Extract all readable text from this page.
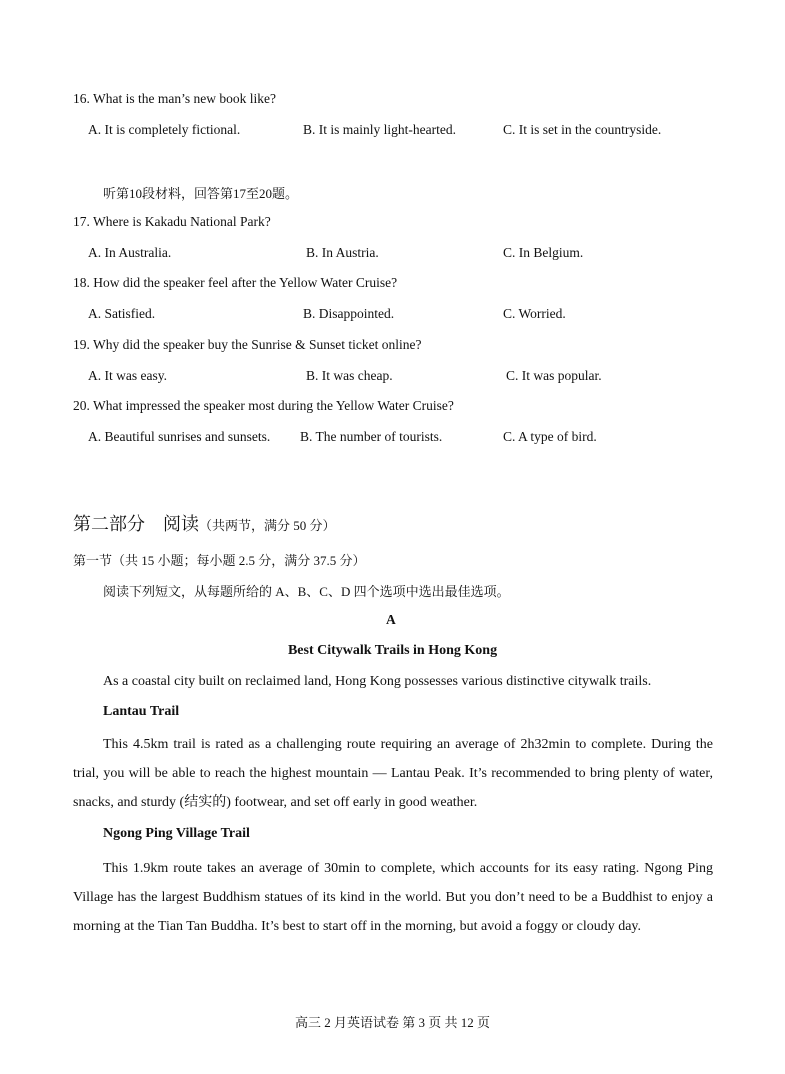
16. What is the man’s new book like?
A. It is completely fictional.	B. It is mainly light-hearted.	C. It is set in the countryside.
听第10段材料，回答第17至20题。
17. Where is Kakadu National Park?
A. In Australia.	B. In Austria.	C. In Belgium.
18. How did the speaker feel after the Yellow Water Cruise?
A. Satisfied.	B. Disappointed.	C. Worried.
19. Why did the speaker buy the Sunrise & Sunset ticket online?
A. It was easy.	B. It was cheap.	C. It was popular.
20. What impressed the speaker most during the Yellow Water Cruise?
A. Beautiful sunrises and sunsets. B. The number of tourists.	C. A type of bird.
第二部分　阅读（共两节，满分 50 分）
第一节（共 15 小题；每小题 2.5 分，满分 37.5 分）
阅读下列短文，从每题所给的 A、B、C、D 四个选项中选出最佳选项。
A
Best Citywalk Trails in Hong Kong
As a coastal city built on reclaimed land, Hong Kong possesses various distinctive citywalk trails.
Lantau Trail
This 4.5km trail is rated as a challenging route requiring an average of 2h32min to complete. During the trial, you will be able to reach the highest mountain — Lantau Peak. It’s recommended to bring plenty of water, snacks, and sturdy (结实的) footwear, and set off early in good weather.
Ngong Ping Village Trail
This 1.9km route takes an average of 30min to complete, which accounts for its easy rating. Ngong Ping Village has the largest Buddhism statues of its kind in the world. But you don’t need to be a Buddhist to enjoy a morning at the Tian Tan Buddha. It’s best to start off in the morning, but avoid a foggy or cloudy day.
高三 2 月英语试卷 第 3 页 共 12 页
